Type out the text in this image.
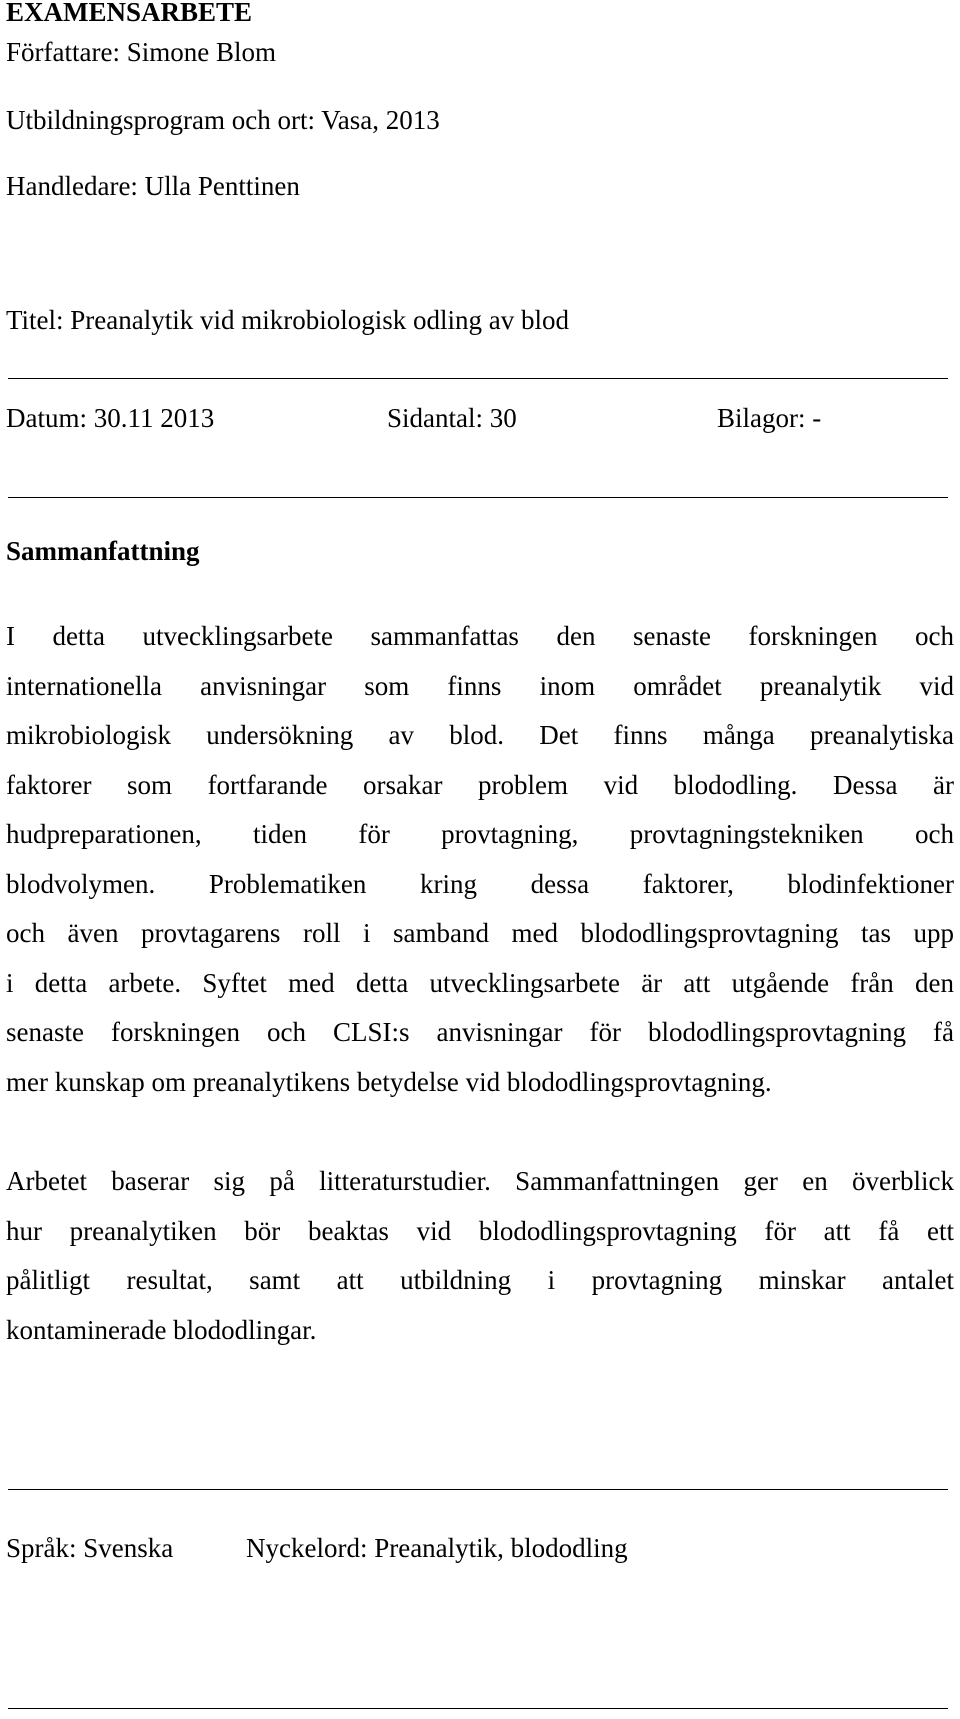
EXAMENSARBETE
Författare: Simone Blom
Utbildningsprogram och ort: Vasa, 2013
Handledare: Ulla Penttinen
Titel: Preanalytik vid mikrobiologisk odling av blod
Datum: 30.11 2013	Sidantal: 30	Bilagor: -
Sammanfattning
I detta utvecklingsarbete sammanfattas den senaste forskningen och
internationella anvisningar som finns inom området preanalytik vid
mikrobiologisk undersökning av blod. Det finns många preanalytiska
faktorer som fortfarande orsakar problem vid blododling. Dessa är
hudpreparationen, tiden för provtagning, provtagningstekniken och
blodvolymen. Problematiken kring dessa faktorer, blodinfektioner
och även provtagarens roll i samband med blododlingsprovtagning tas upp
i detta arbete. Syftet med detta utvecklingsarbete är att utgående från den
senaste forskningen och CLSI:s anvisningar för blododlingsprovtagning få
mer kunskap om preanalytikens betydelse vid blododlingsprovtagning.
Arbetet baserar sig på litteraturstudier. Sammanfattningen ger en överblick
hur preanalytiken bör beaktas vid blododlingsprovtagning för att få ett
pålitligt resultat, samt att utbildning i provtagning minskar antalet
kontaminerade blododlingar.
Språk: Svenska	Nyckelord: Preanalytik, blododling
